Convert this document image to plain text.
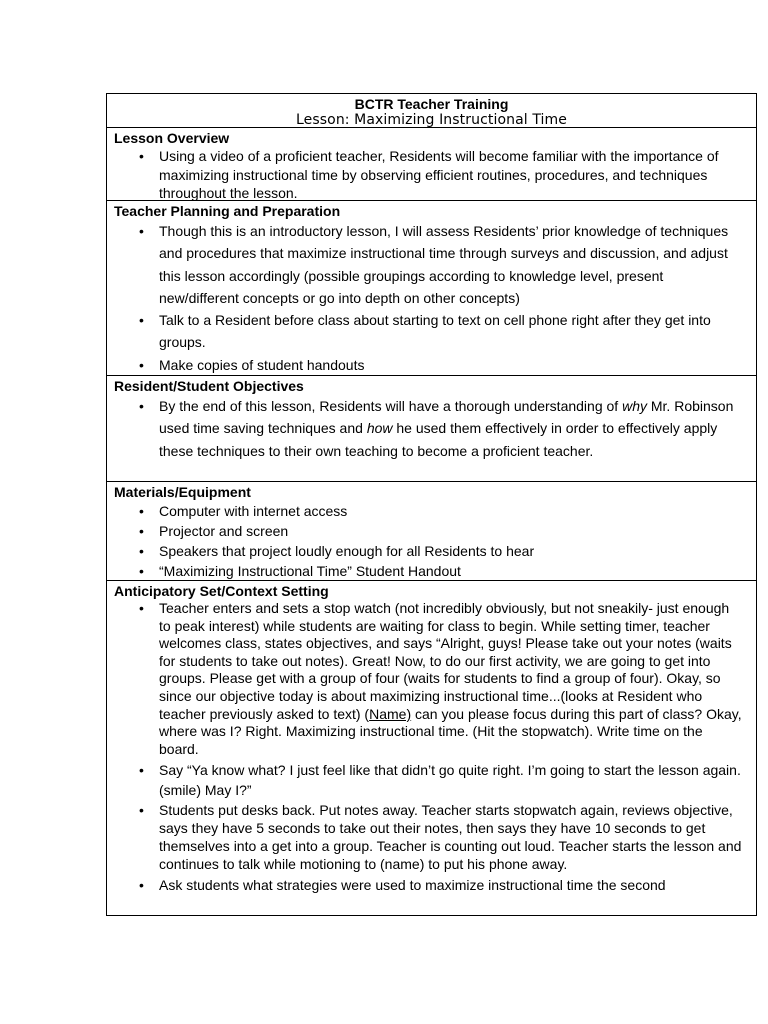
BCTR Teacher Training
Lesson: Maximizing Instructional Time
Lesson Overview
• Using a video of a proficient teacher, Residents will become familiar with the importance of maximizing instructional time by observing efficient routines, procedures, and techniques throughout the lesson.
Teacher Planning and Preparation
• Though this is an introductory lesson, I will assess Residents’ prior knowledge of techniques and procedures that maximize instructional time through surveys and discussion, and adjust this lesson accordingly (possible groupings according to knowledge level, present new/different concepts or go into depth on other concepts)
• Talk to a Resident before class about starting to text on cell phone right after they get into groups.
• Make copies of student handouts
Resident/Student Objectives
• By the end of this lesson, Residents will have a thorough understanding of why Mr. Robinson used time saving techniques and how he used them effectively in order to effectively apply these techniques to their own teaching to become a proficient teacher.
Materials/Equipment
• Computer with internet access
• Projector and screen
• Speakers that project loudly enough for all Residents to hear
• “Maximizing Instructional Time” Student Handout
Anticipatory Set/Context Setting
• Teacher enters and sets a stop watch (not incredibly obviously, but not sneakily- just enough to peak interest) while students are waiting for class to begin. While setting timer, teacher welcomes class, states objectives, and says “Alright, guys! Please take out your notes (waits for students to take out notes). Great! Now, to do our first activity, we are going to get into groups. Please get with a group of four (waits for students to find a group of four). Okay, so since our objective today is about maximizing instructional time...(looks at Resident who teacher previously asked to text) (Name) can you please focus during this part of class? Okay, where was I? Right. Maximizing instructional time. (Hit the stopwatch). Write time on the board.
• Say “Ya know what? I just feel like that didn’t go quite right. I’m going to start the lesson again. (smile) May I?”
• Students put desks back. Put notes away. Teacher starts stopwatch again, reviews objective, says they have 5 seconds to take out their notes, then says they have 10 seconds to get themselves into a get into a group. Teacher is counting out loud. Teacher starts the lesson and continues to talk while motioning to (name) to put his phone away.
• Ask students what strategies were used to maximize instructional time the second
